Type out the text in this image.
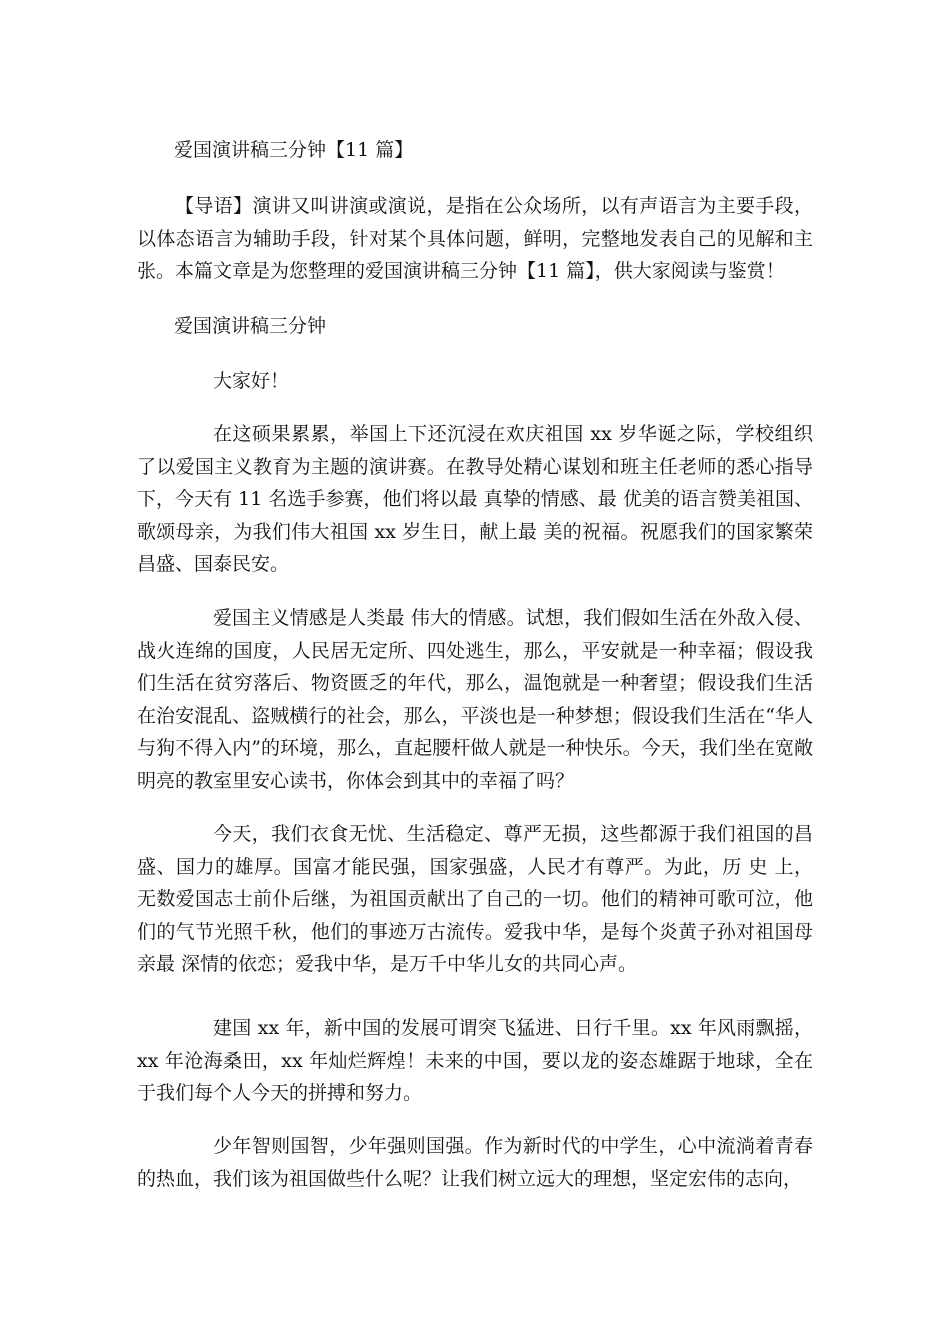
爱国演讲稿三分钟【11 篇】

【导语】演讲又叫讲演或演说，是指在公众场所，以有声语言为主要手段，以体态语言为辅助手段，针对某个具体问题，鲜明，完整地发表自己的见解和主张。本篇文章是为您整理的爱国演讲稿三分钟【11 篇】，供大家阅读与鉴赏！

爱国演讲稿三分钟

大家好！

在这硕果累累，举国上下还沉浸在欢庆祖国 xx 岁华诞之际，学校组织了以爱国主义教育为主题的演讲赛。在教导处精心谋划和班主任老师的悉心指导下，今天有 11 名选手参赛，他们将以最 真挚的情感、最 优美的语言赞美祖国、歌颂母亲，为我们伟大祖国 xx 岁生日，献上最 美的祝福。祝愿我们的国家繁荣昌盛、国泰民安。

爱国主义情感是人类最 伟大的情感。试想，我们假如生活在外敌入侵、战火连绵的国度，人民居无定所、四处逃生，那么，平安就是一种幸福；假设我们生活在贫穷落后、物资匮乏的年代，那么，温饱就是一种奢望；假设我们生活在治安混乱、盗贼横行的社会，那么，平淡也是一种梦想；假设我们生活在“华人与狗不得入内”的环境，那么，直起腰杆做人就是一种快乐。今天，我们坐在宽敞明亮的教室里安心读书，你体会到其中的幸福了吗？

今天，我们衣食无忧、生活稳定、尊严无损，这些都源于我们祖国的昌盛、国力的雄厚。国富才能民强，国家强盛，人民才有尊严。为此，历 史 上，无数爱国志士前仆后继，为祖国贡献出了自己的一切。他们的精神可歌可泣，他们的气节光照千秋，他们的事迹万古流传。爱我中华，是每个炎黄子孙对祖国母亲最 深情的依恋；爱我中华，是万千中华儿女的共同心声。

建国 xx 年，新中国的发展可谓突飞猛进、日行千里。xx 年风雨飘摇，xx 年沧海桑田，xx 年灿烂辉煌！未来的中国，要以龙的姿态雄踞于地球，全在于我们每个人今天的拼搏和努力。

少年智则国智，少年强则国强。作为新时代的中学生，心中流淌着青春的热血，我们该为祖国做些什么呢？让我们树立远大的理想，坚定宏伟的志向，
